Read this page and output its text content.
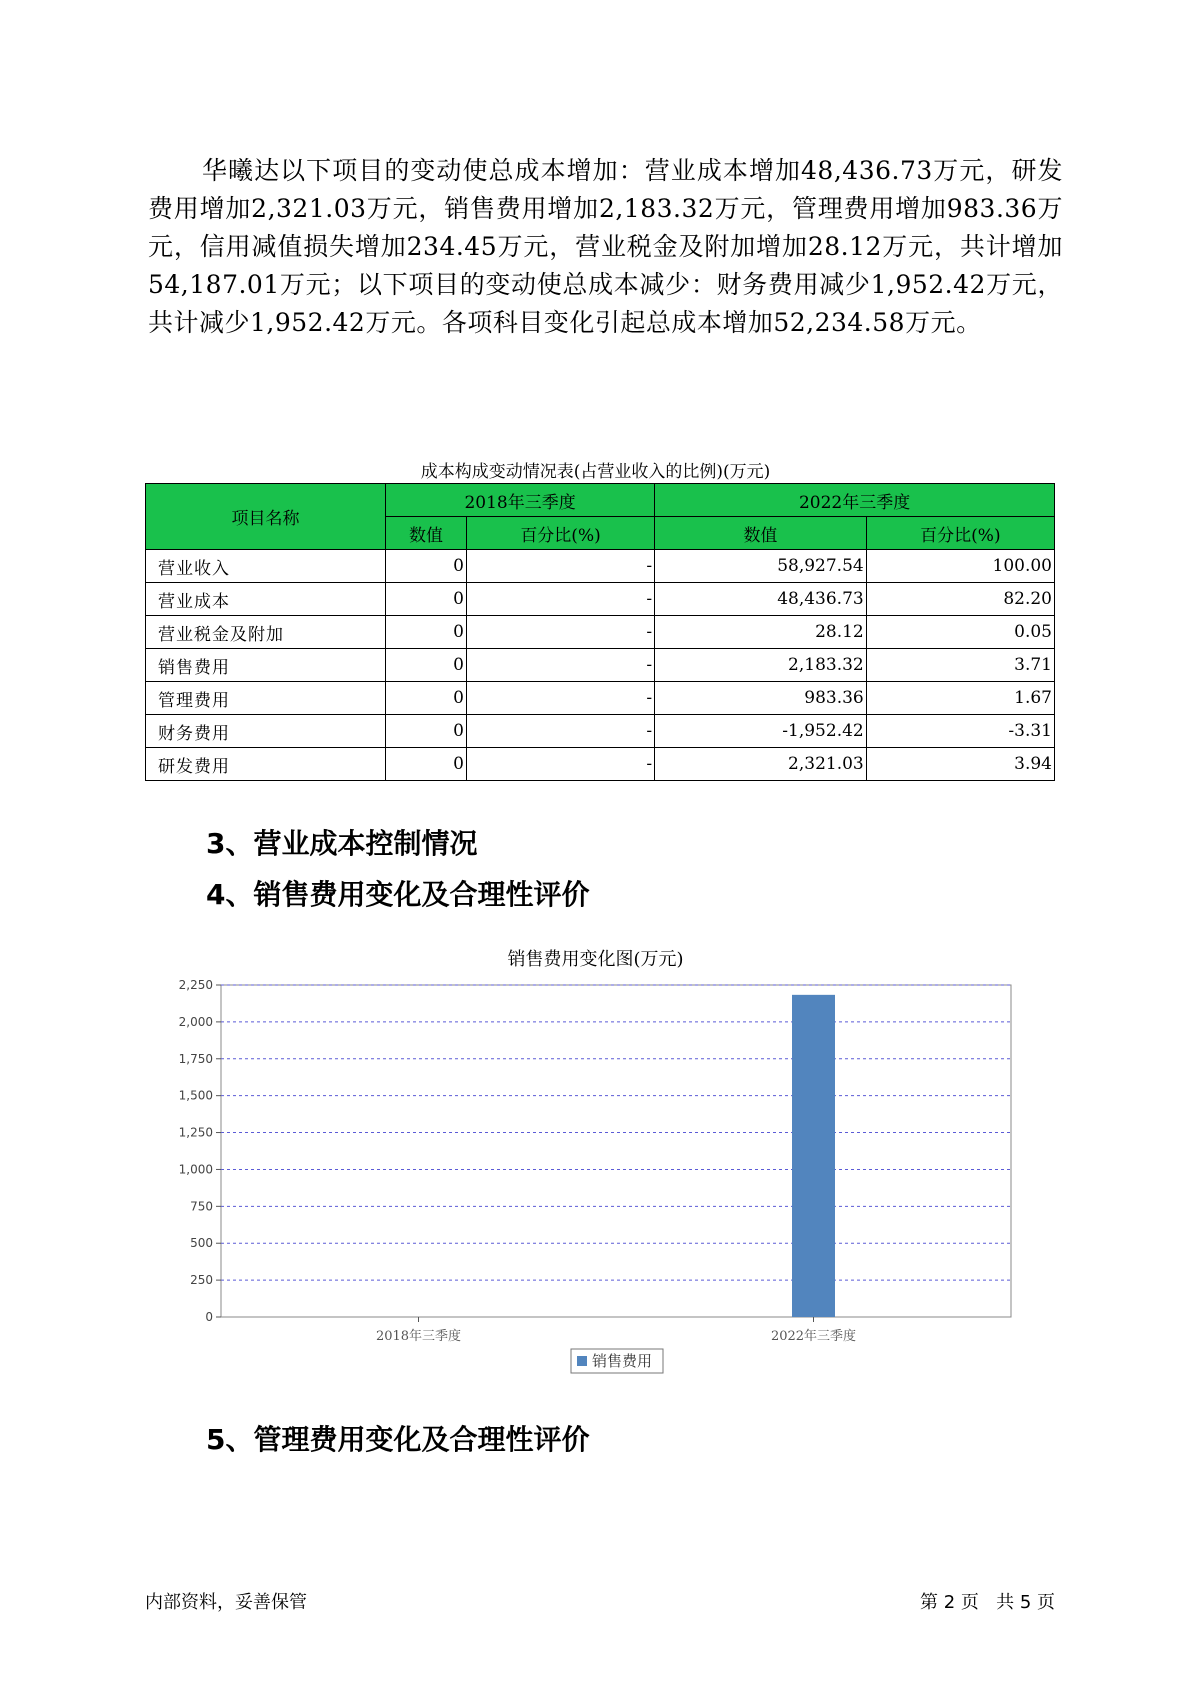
华曦达以下项目的变动使总成本增加：营业成本增加48,436.73万元，研发费用增加2,321.03万元，销售费用增加2,183.32万元，管理费用增加983.36万元，信用减值损失增加234.45万元，营业税金及附加增加28.12万元，共计增加54,187.01万元；以下项目的变动使总成本减少：财务费用减少1,952.42万元，共计减少1,952.42万元。各项科目变化引起总成本增加52,234.58万元。

成本构成变动情况表(占营业收入的比例)(万元)
项目名称	2018年三季度		2022年三季度	
	数值	百分比(%)	数值	百分比(%)
营业收入	0	-	58,927.54	100.00
营业成本	0	-	48,436.73	82.20
营业税金及附加	0	-	28.12	0.05
销售费用	0	-	2,183.32	3.71
管理费用	0	-	983.36	1.67
财务费用	0	-	-1,952.42	-3.31
研发费用	0	-	2,321.03	3.94
3、营业成本控制情况
4、销售费用变化及合理性评价
销售费用变化图(万元)
0
250
500
750
1,000
1,250
1,500
1,750
2,000
2,250
2018年三季度	2022年三季度
销售费用
5、管理费用变化及合理性评价
内部资料，妥善保管	第 2 页   共 5 页
